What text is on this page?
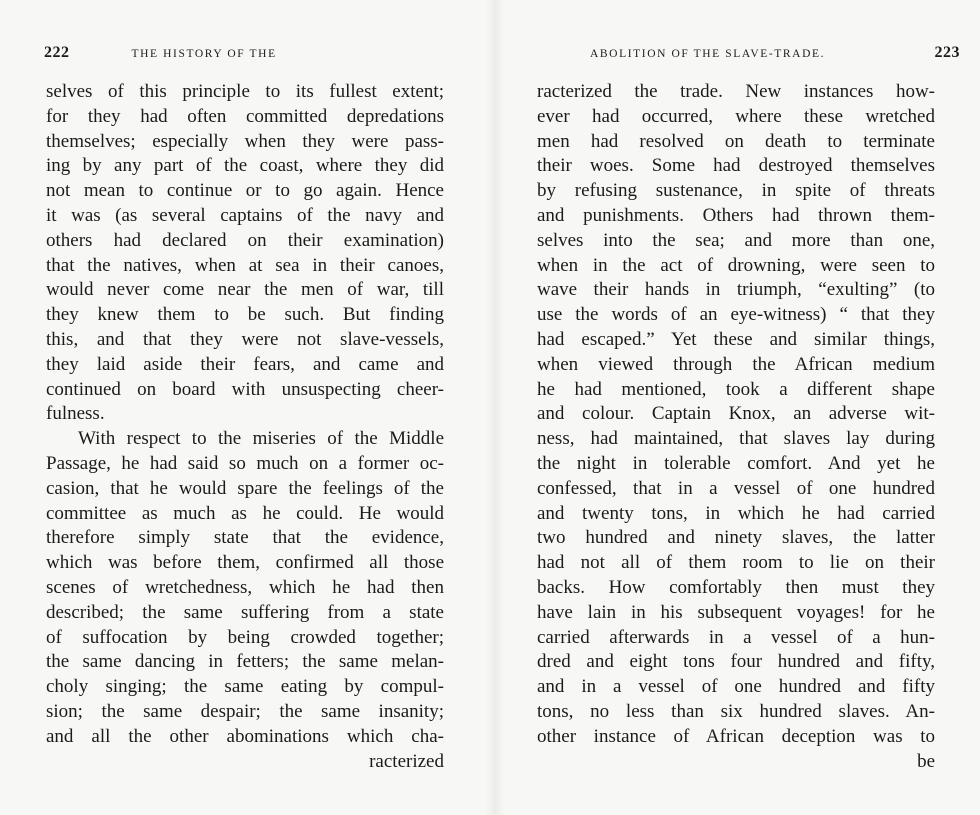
222	THE HISTORY OF THE
selves of this principle to its fullest extent;
for they had often committed depredations
themselves; especially when they were pass-
ing by any part of the coast, where they did
not mean to continue or to go again. Hence
it was (as several captains of the navy and
others had declared on their examination)
that the natives, when at sea in their canoes,
would never come near the men of war, till
they knew them to be such. But finding
this, and that they were not slave-vessels,
they laid aside their fears, and came and
continued on board with unsuspecting cheer-
fulness.
With respect to the miseries of the Middle
Passage, he had said so much on a former oc-
casion, that he would spare the feelings of the
committee as much as he could. He would
therefore simply state that the evidence,
which was before them, confirmed all those
scenes of wretchedness, which he had then
described; the same suffering from a state
of suffocation by being crowded together;
the same dancing in fetters; the same melan-
choly singing; the same eating by compul-
sion; the same despair; the same insanity;
and all the other abominations which cha-
racterized
ABOLITION OF THE SLAVE-TRADE.	223
racterized the trade. New instances how-
ever had occurred, where these wretched
men had resolved on death to terminate
their woes. Some had destroyed themselves
by refusing sustenance, in spite of threats
and punishments. Others had thrown them-
selves into the sea; and more than one,
when in the act of drowning, were seen to
wave their hands in triumph, “exulting” (to
use the words of an eye-witness) “ that they
had escaped.” Yet these and similar things,
when viewed through the African medium
he had mentioned, took a different shape
and colour. Captain Knox, an adverse wit-
ness, had maintained, that slaves lay during
the night in tolerable comfort. And yet he
confessed, that in a vessel of one hundred
and twenty tons, in which he had carried
two hundred and ninety slaves, the latter
had not all of them room to lie on their
backs. How comfortably then must they
have lain in his subsequent voyages! for he
carried afterwards in a vessel of a hun-
dred and eight tons four hundred and fifty,
and in a vessel of one hundred and fifty
tons, no less than six hundred slaves. An-
other instance of African deception was to
be
